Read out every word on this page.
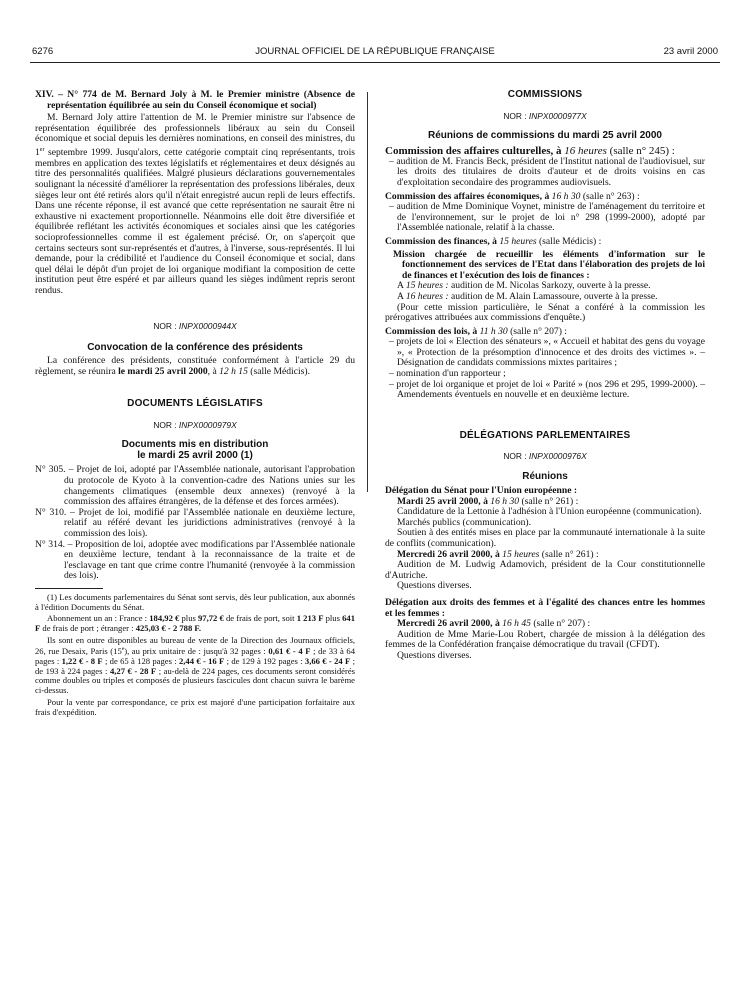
6276	JOURNAL OFFICIEL DE LA RÉPUBLIQUE FRANÇAISE	23 avril 2000

XIV. – N° 774 de M. Bernard Joly à M. le Premier ministre (Absence de représentation équilibrée au sein du Conseil économique et social)

M. Bernard Joly attire l'attention de M. le Premier ministre sur l'absence de représentation équilibrée des professionnels libéraux au sein du Conseil économique et social depuis les dernières nominations, en conseil des ministres, du 1er septembre 1999. Jusqu'alors, cette catégorie comptait cinq représentants, trois membres en application des textes législatifs et réglementaires et deux désignés au titre des personnalités qualifiées. Malgré plusieurs déclarations gouvernementales soulignant la nécessité d'améliorer la représentation des professions libérales, deux sièges leur ont été retirés alors qu'il n'était enregistré aucun repli de leurs effectifs. Dans une récente réponse, il est avancé que cette représentation ne saurait être ni exhaustive ni exactement proportionnelle. Néanmoins elle doit être diversifiée et équilibrée reflétant les activités économiques et sociales ainsi que les catégories socioprofessionnelles comme il est également précisé. Or, on s'aperçoit que certains secteurs sont sur-représentés et d'autres, à l'inverse, sous-représentés. Il lui demande, pour la crédibilité et l'audience du Conseil économique et social, dans quel délai le dépôt d'un projet de loi organique modifiant la composition de cette institution peut être espéré et par ailleurs quand les sièges indûment repris seront rendus.

NOR : INPX0000944X

Convocation de la conférence des présidents

La conférence des présidents, constituée conformément à l'article 29 du règlement, se réunira le mardi 25 avril 2000, à 12 h 15 (salle Médicis).

DOCUMENTS LÉGISLATIFS

NOR : INPX0000979X

Documents mis en distribution

le mardi 25 avril 2000 (1)

N° 305. – Projet de loi, adopté par l'Assemblée nationale, autorisant l'approbation du protocole de Kyoto à la convention-cadre des Nations unies sur les changements climatiques (ensemble deux annexes) (renvoyé à la commission des affaires étrangères, de la défense et des forces armées).

N° 310. – Projet de loi, modifié par l'Assemblée nationale en deuxième lecture, relatif au référé devant les juridictions administratives (renvoyé à la commission des lois).

N° 314. – Proposition de loi, adoptée avec modifications par l'Assemblée nationale en deuxième lecture, tendant à la reconnaissance de la traite et de l'esclavage en tant que crime contre l'humanité (renvoyée à la commission des lois).

(1) Les documents parlementaires du Sénat sont servis, dès leur publication, aux abonnés à l'édition Documents du Sénat.

Abonnement un an : France : 184,92 € plus 97,72 € de frais de port, soit 1 213 F plus 641 F de frais de port ; étranger : 425,03 € - 2 788 F.

Ils sont en outre disponibles au bureau de vente de la Direction des Journaux officiels, 26, rue Desaix, Paris (15e), au prix unitaire de : jusqu'à 32 pages : 0,61 € - 4 F ; de 33 à 64 pages : 1,22 € - 8 F ; de 65 à 128 pages : 2,44 € - 16 F ; de 129 à 192 pages : 3,66 € - 24 F ; de 193 à 224 pages : 4,27 € - 28 F ; au-delà de 224 pages, ces documents seront considérés comme doubles ou triples et composés de plusieurs fascicules dont chacun suivra le barème ci-dessus.

Pour la vente par correspondance, ce prix est majoré d'une participation forfaitaire aux frais d'expédition.

COMMISSIONS

NOR : INPX0000977X

Réunions de commissions du mardi 25 avril 2000

Commission des affaires culturelles, à 16 heures (salle n° 245) :

– audition de M. Francis Beck, président de l'Institut national de l'audiovisuel, sur les droits des titulaires de droits d'auteur et de droits voisins en cas d'exploitation secondaire des programmes audiovisuels.

Commission des affaires économiques, à 16 h 30 (salle n° 263) :

– audition de Mme Dominique Voynet, ministre de l'aménagement du territoire et de l'environnement, sur le projet de loi n° 298 (1999-2000), adopté par l'Assemblée nationale, relatif à la chasse.

Commission des finances, à 15 heures (salle Médicis) :

Mission chargée de recueillir les éléments d'information sur le fonctionnement des services de l'Etat dans l'élaboration des projets de loi de finances et l'exécution des lois de finances :

A 15 heures : audition de M. Nicolas Sarkozy, ouverte à la presse.

A 16 heures : audition de M. Alain Lamassoure, ouverte à la presse.

(Pour cette mission particulière, le Sénat a conféré à la commission les prérogatives attribuées aux commissions d'enquête.)

Commission des lois, à 11 h 30 (salle n° 207) :

– projets de loi « Election des sénateurs », « Accueil et habitat des gens du voyage », « Protection de la présomption d'innocence et des droits des victimes ». – Désignation de candidats commissions mixtes paritaires ;

– nomination d'un rapporteur ;

– projet de loi organique et projet de loi « Parité » (nos 296 et 295, 1999-2000). – Amendements éventuels en nouvelle et en deuxième lecture.

DÉLÉGATIONS PARLEMENTAIRES

NOR : INPX0000976X

Réunions

Délégation du Sénat pour l'Union européenne :

Mardi 25 avril 2000, à 16 h 30 (salle n° 261) :

Candidature de la Lettonie à l'adhésion à l'Union européenne (communication).

Marchés publics (communication).

Soutien à des entités mises en place par la communauté internationale à la suite de conflits (communication).

Mercredi 26 avril 2000, à 15 heures (salle n° 261) :

Audition de M. Ludwig Adamovich, président de la Cour constitutionnelle d'Autriche.

Questions diverses.

Délégation aux droits des femmes et à l'égalité des chances entre les hommes et les femmes :

Mercredi 26 avril 2000, à 16 h 45 (salle n° 207) :

Audition de Mme Marie-Lou Robert, chargée de mission à la délégation des femmes de la Confédération française démocratique du travail (CFDT).

Questions diverses.
